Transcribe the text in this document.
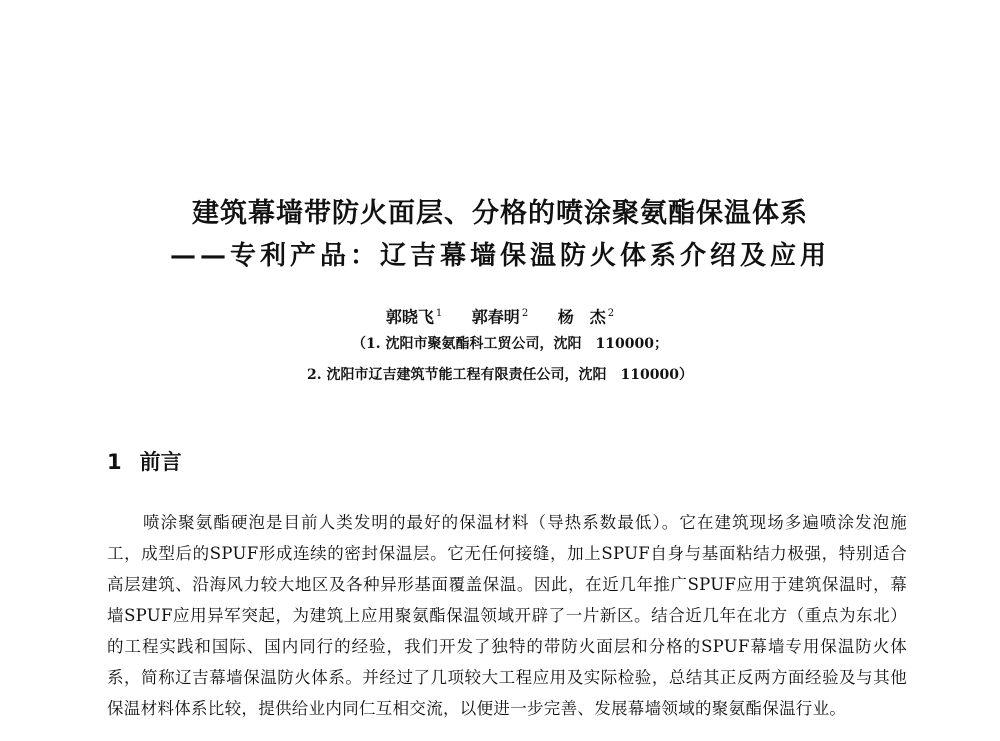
建筑幕墙带防火面层、分格的喷涂聚氨酯保温体系
——专利产品：辽吉幕墙保温防火体系介绍及应用
郭晓飞 $^1$ 郭春明 $^2$ 杨　杰 $^2$
（1. 沈阳市聚氨酯科工贸公司，沈阳　110000；
2. 沈阳市辽吉建筑节能工程有限责任公司，沈阳　110000）
1 前言

喷涂聚氨酯硬泡是目前人类发明的最好的保温材料（导热系数最低）。它在建筑现场多遍喷涂发泡施工，成型后的SPUF形成连续的密封保温层。它无任何接缝，加上SPUF自身与基面粘结力极强，特别适合高层建筑、沿海风力较大地区及各种异形基面覆盖保温。因此，在近几年推广SPUF应用于建筑保温时，幕墙SPUF应用异军突起，为建筑上应用聚氨酯保温领域开辟了一片新区。结合近几年在北方（重点为东北）的工程实践和国际、国内同行的经验，我们开发了独特的带防火面层和分格的SPUF幕墙专用保温防火体系，简称辽吉幕墙保温防火体系。并经过了几项较大工程应用及实际检验，总结其正反两方面经验及与其他保温材料体系比较，提供给业内同仁互相交流，以便进一步完善、发展幕墙领域的聚氨酯保温行业。
